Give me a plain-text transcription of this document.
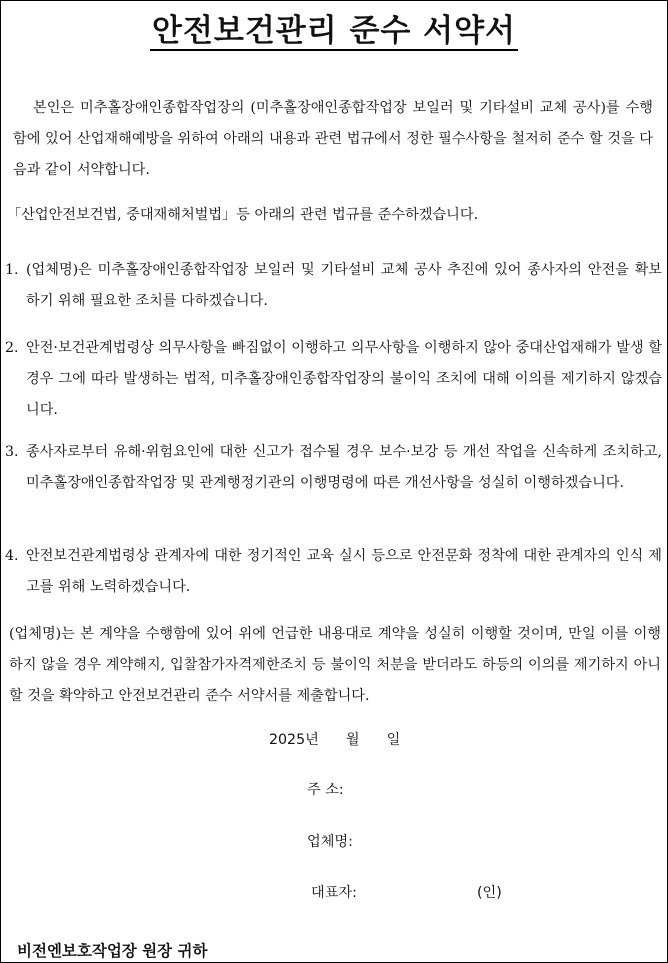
안전보건관리 준수 서약서
본인은 미추홀장애인종합작업장의 (미추홀장애인종합작업장 보일러 및 기타설비 교체 공사)를 수행함에 있어 산업재해예방을 위하여 아래의 내용과 관련 법규에서 정한 필수사항을 철저히 준수 할 것을 다음과 같이 서약합니다.
「산업안전보건법, 중대재해처벌법」등 아래의 관련 법규를 준수하겠습니다.
1. (업체명)은 미추홀장애인종합작업장 보일러 및 기타설비 교체 공사 추진에 있어 종사자의 안전을 확보하기 위해 필요한 조치를 다하겠습니다.
2. 안전·보건관계법령상 의무사항을 빠짐없이 이행하고 의무사항을 이행하지 않아 중대산업재해가 발생 할 경우 그에 따라 발생하는 법적, 미추홀장애인종합작업장의 불이익 조치에 대해 이의를 제기하지 않겠습니다.
3. 종사자로부터 유해·위험요인에 대한 신고가 접수될 경우 보수·보강 등 개선 작업을 신속하게 조치하고, 미추홀장애인종합작업장 및 관계행정기관의 이행명령에 따른 개선사항을 성실히 이행하겠습니다.
4. 안전보건관계법령상 관계자에 대한 정기적인 교육 실시 등으로 안전문화 정착에 대한 관계자의 인식 제고를 위해 노력하겠습니다.
(업체명)는 본 계약을 수행함에 있어 위에 언급한 내용대로 계약을 성실히 이행할 것이며, 만일 이를 이행하지 않을 경우 계약해지, 입찰참가자격제한조치 등 불이익 처분을 받더라도 하등의 이의를 제기하지 아니할 것을 확약하고 안전보건관리 준수 서약서를 제출합니다.
2025년      월      일
주 소:
업체명:
대표자:	(인)
비전엔보호작업장 원장 귀하
